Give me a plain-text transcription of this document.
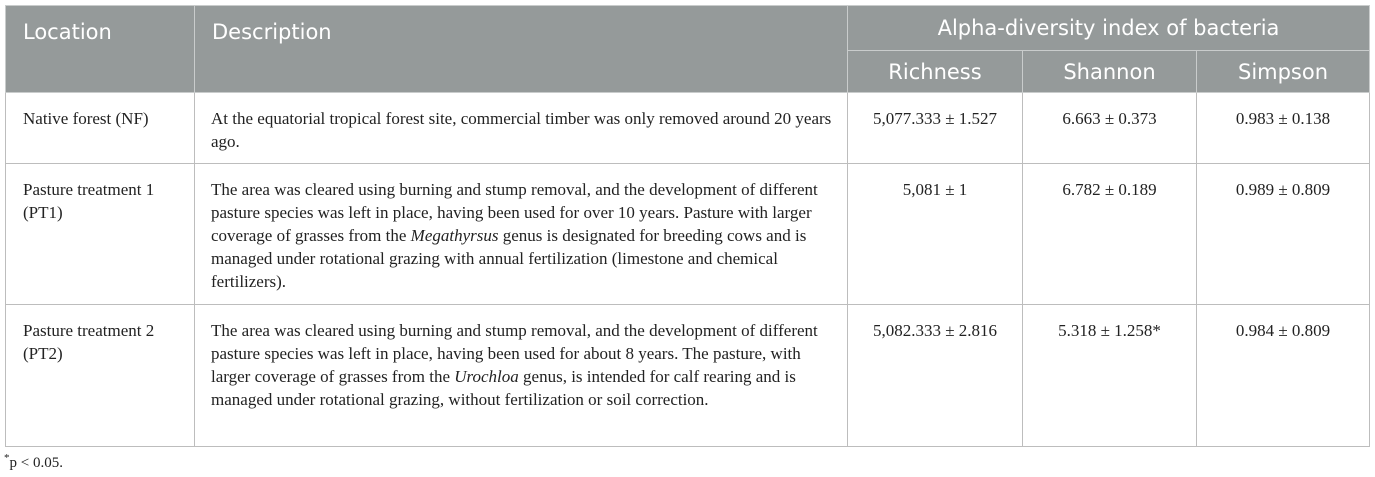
Location	Description	Alpha-diversity index of bacteria		
		Richness	Shannon	Simpson
Native forest (NF)	At the equatorial tropical forest site, commercial timber was only removed around 20 years ago.	5,077.333 ± 1.527	6.663 ± 0.373	0.983 ± 0.138
Pasture treatment 1 (PT1)	The area was cleared using burning and stump removal, and the development of different pasture species was left in place, having been used for over 10 years. Pasture with larger coverage of grasses from the Megathyrsus genus is designated for breeding cows and is managed under rotational grazing with annual fertilization (limestone and chemical fertilizers).	5,081 ± 1	6.782 ± 0.189	0.989 ± 0.809
Pasture treatment 2 (PT2)	The area was cleared using burning and stump removal, and the development of different pasture species was left in place, having been used for about 8 years. The pasture, with larger coverage of grasses from the Urochloa genus, is intended for calf rearing and is managed under rotational grazing, without fertilization or soil correction.	5,082.333 ± 2.816	5.318 ± 1.258*	0.984 ± 0.809
*p < 0.05.
